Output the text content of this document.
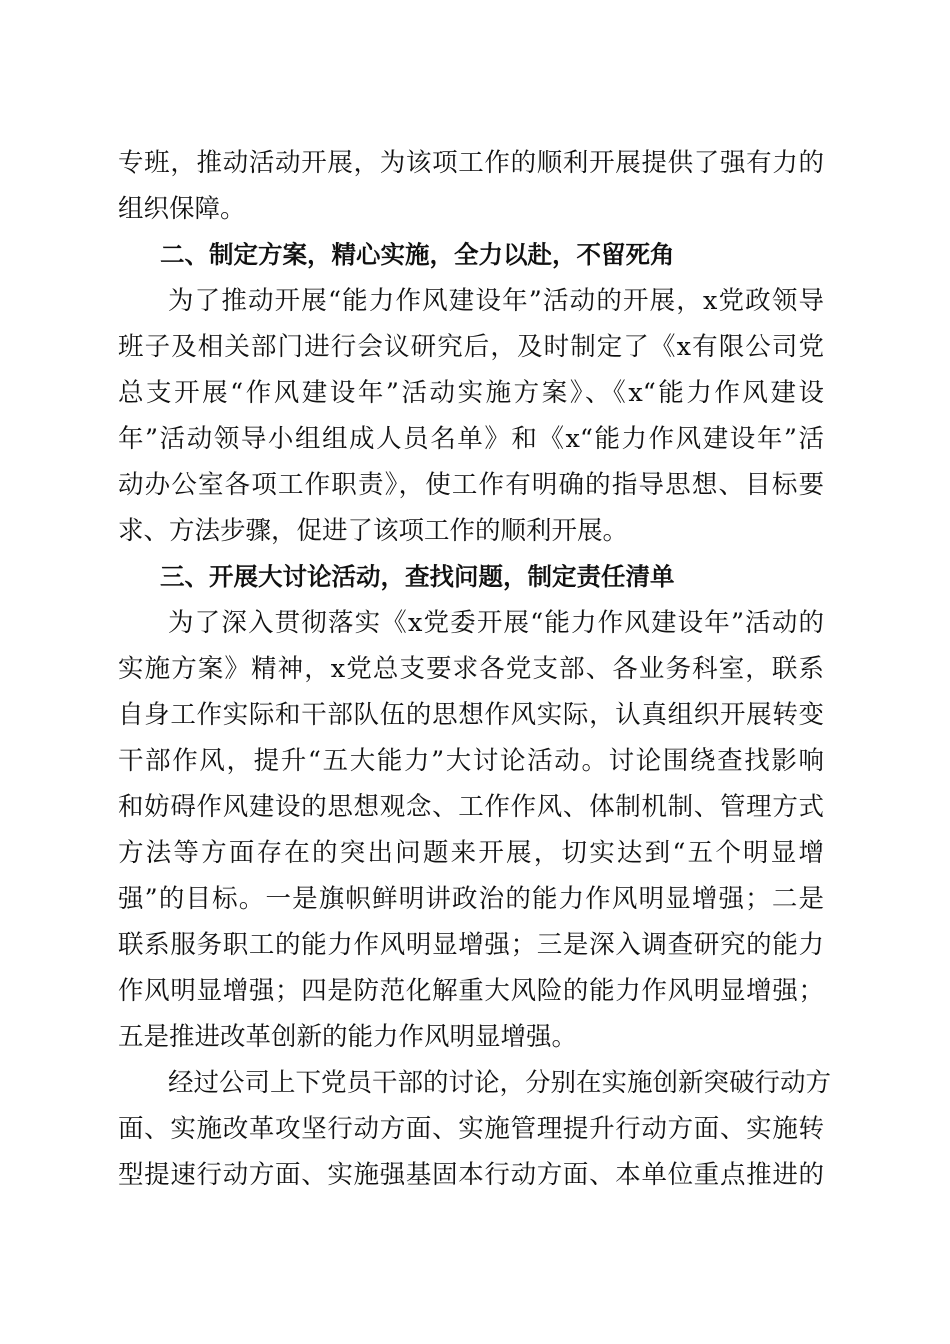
专班，推动活动开展，为该项工作的顺利开展提供了强有力的
组织保障。
二、制定方案，精心实施，全力以赴，不留死角
为了推动开展“能力作风建设年”活动的开展，x党政领导
班子及相关部门进行会议研究后，及时制定了《x有限公司党
总支开展“作风建设年”活动实施方案》、《x“能力作风建设
年”活动领导小组组成人员名单》和《x“能力作风建设年”活
动办公室各项工作职责》，使工作有明确的指导思想、目标要
求、方法步骤，促进了该项工作的顺利开展。
三、开展大讨论活动，查找问题，制定责任清单
为了深入贯彻落实《x党委开展“能力作风建设年”活动的
实施方案》精神，x党总支要求各党支部、各业务科室，联系
自身工作实际和干部队伍的思想作风实际，认真组织开展转变
干部作风，提升“五大能力”大讨论活动。讨论围绕查找影响
和妨碍作风建设的思想观念、工作作风、体制机制、管理方式
方法等方面存在的突出问题来开展，切实达到“五个明显增
强”的目标。一是旗帜鲜明讲政治的能力作风明显增强；二是
联系服务职工的能力作风明显增强；三是深入调查研究的能力
作风明显增强；四是防范化解重大风险的能力作风明显增强；
五是推进改革创新的能力作风明显增强。
经过公司上下党员干部的讨论，分别在实施创新突破行动方
面、实施改革攻坚行动方面、实施管理提升行动方面、实施转
型提速行动方面、实施强基固本行动方面、本单位重点推进的
